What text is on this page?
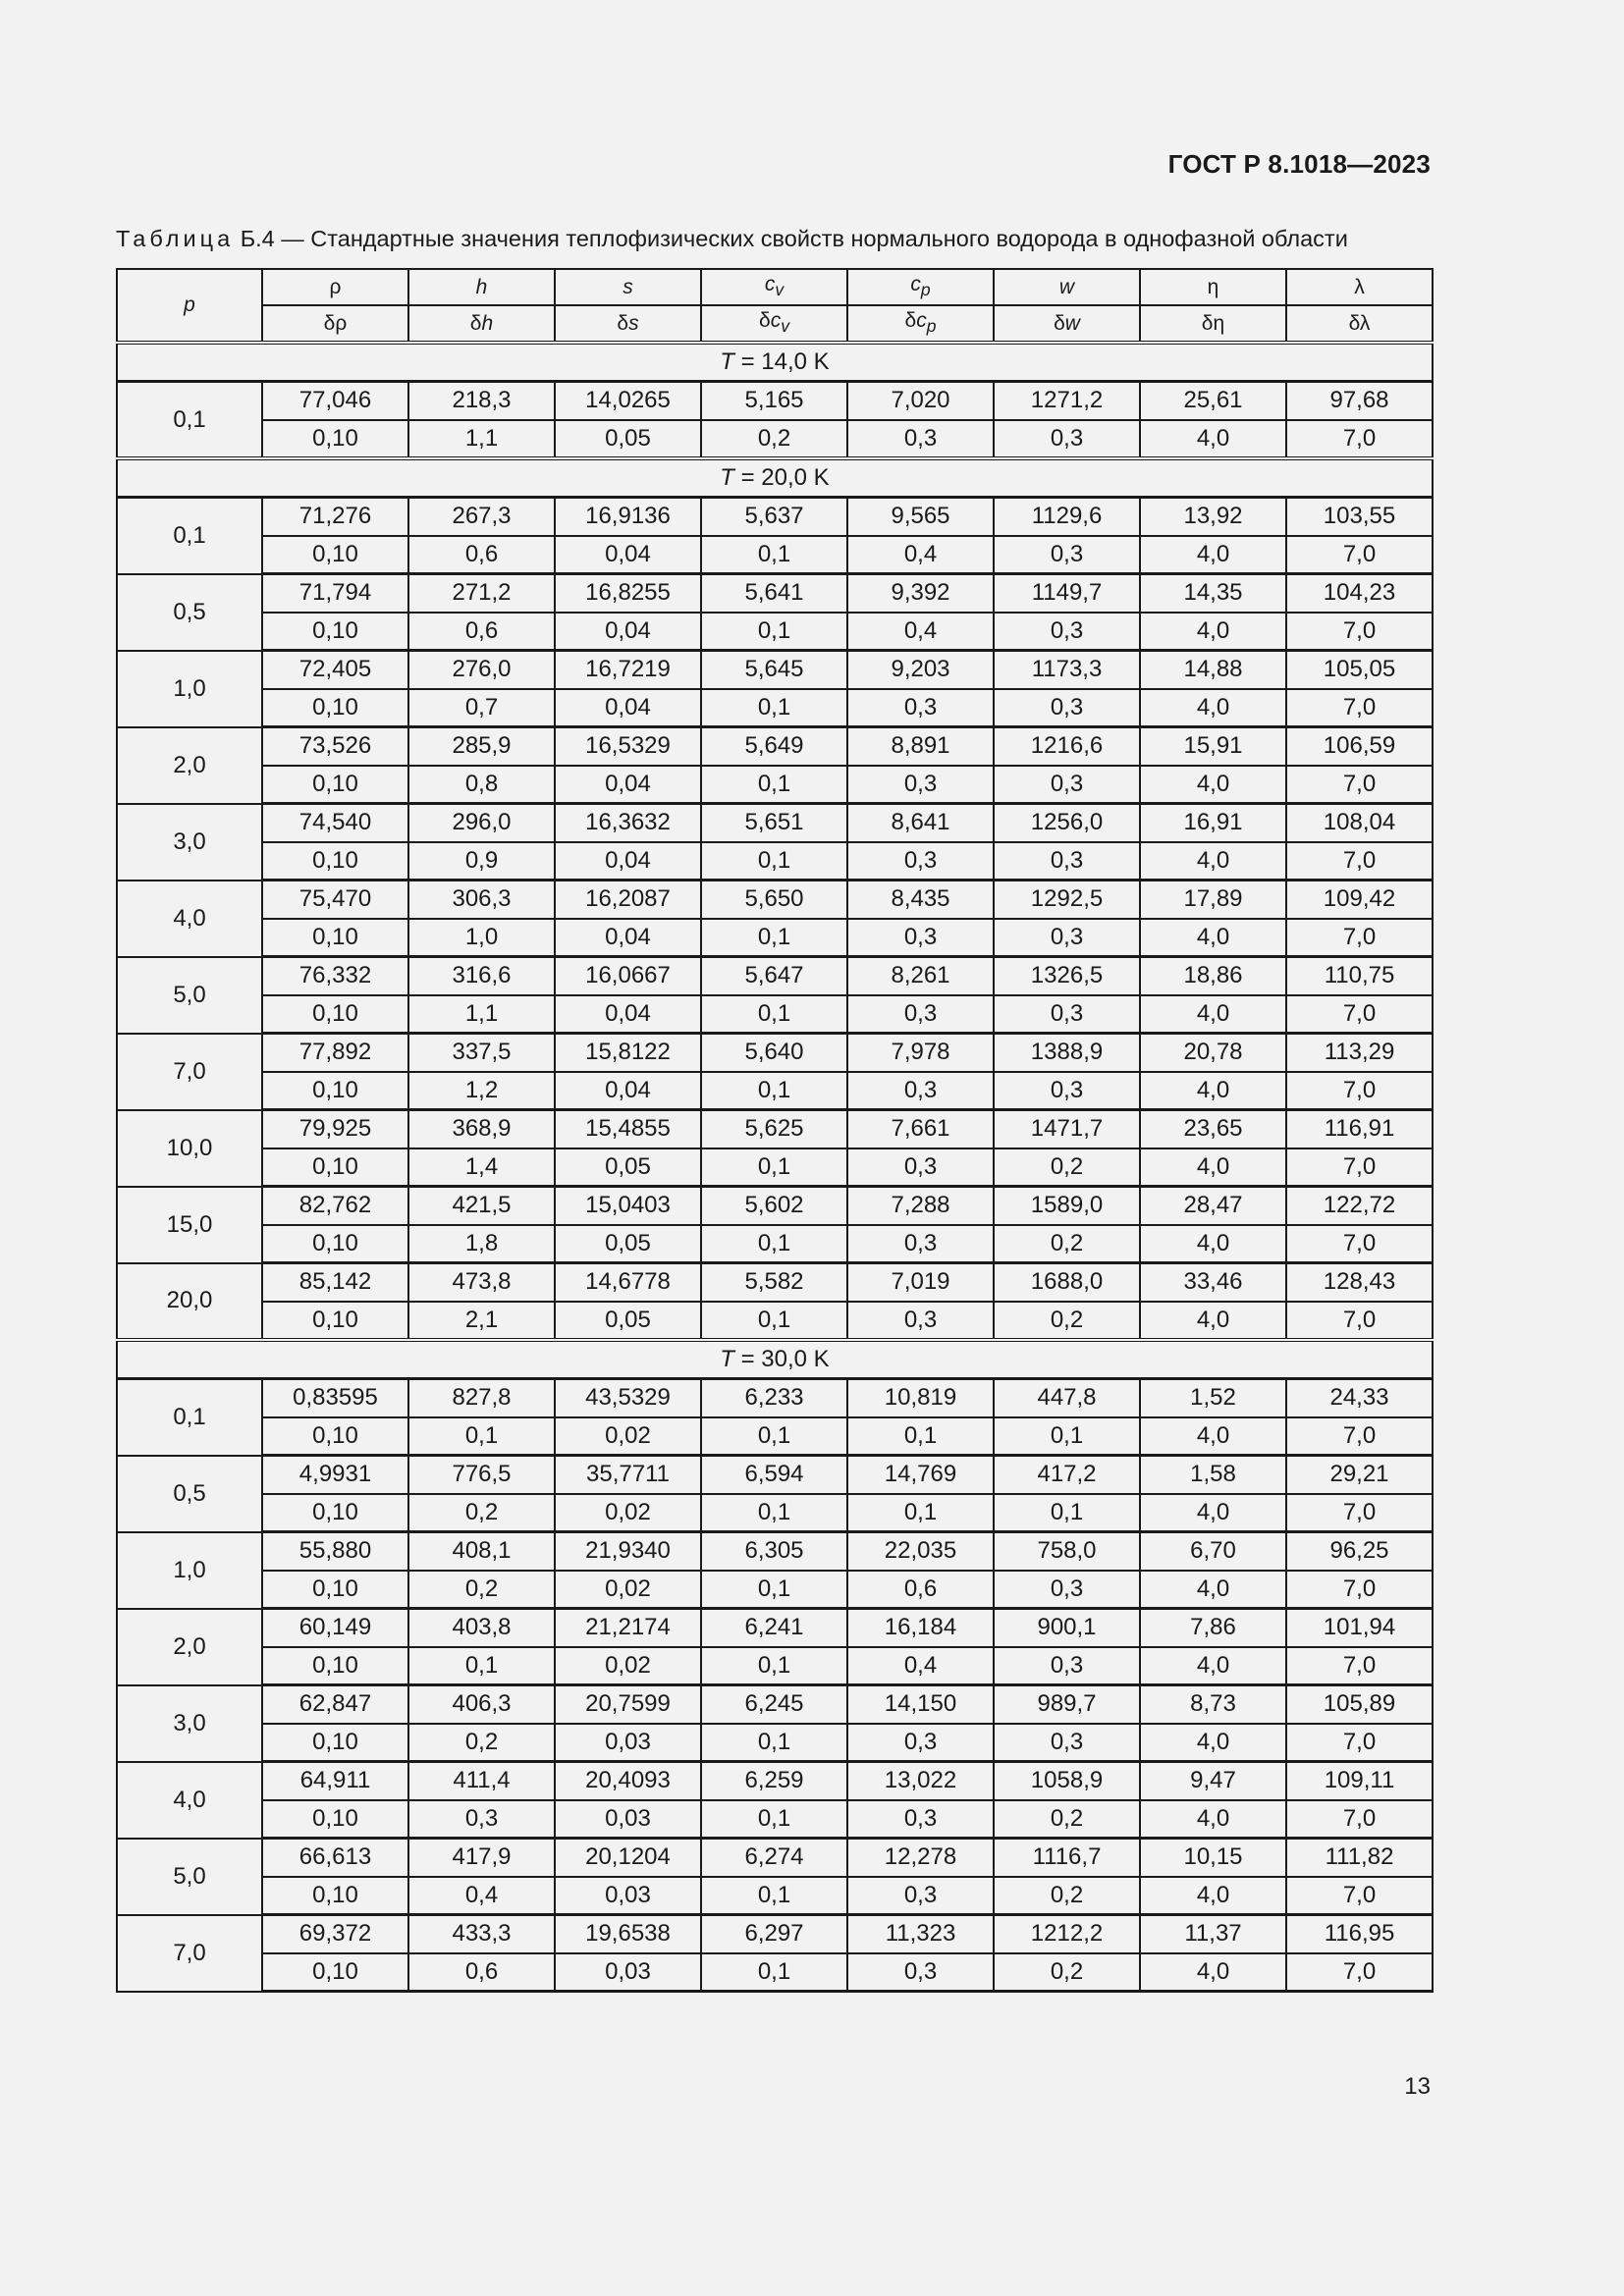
ГОСТ Р 8.1018—2023
Таблица Б.4 — Стандартные значения теплофизических свойств нормального водорода в однофазной области
p	ρ	h	s	$c_v$	$c_p$	w	η	λ
	δρ	δh	δs	$\delta c_v$	$\delta c_p$	δw	δη	δλ
T = 14,0 K								
0,1	77,046	218,3	14,0265	5,165	7,020	1271,2	25,61	97,68
	0,10	1,1	0,05	0,2	0,3	0,3	4,0	7,0
T = 20,0 K								
0,1	71,276	267,3	16,9136	5,637	9,565	1129,6	13,92	103,55
	0,10	0,6	0,04	0,1	0,4	0,3	4,0	7,0
0,5	71,794	271,2	16,8255	5,641	9,392	1149,7	14,35	104,23
	0,10	0,6	0,04	0,1	0,4	0,3	4,0	7,0
1,0	72,405	276,0	16,7219	5,645	9,203	1173,3	14,88	105,05
	0,10	0,7	0,04	0,1	0,3	0,3	4,0	7,0
2,0	73,526	285,9	16,5329	5,649	8,891	1216,6	15,91	106,59
	0,10	0,8	0,04	0,1	0,3	0,3	4,0	7,0
3,0	74,540	296,0	16,3632	5,651	8,641	1256,0	16,91	108,04
	0,10	0,9	0,04	0,1	0,3	0,3	4,0	7,0
4,0	75,470	306,3	16,2087	5,650	8,435	1292,5	17,89	109,42
	0,10	1,0	0,04	0,1	0,3	0,3	4,0	7,0
5,0	76,332	316,6	16,0667	5,647	8,261	1326,5	18,86	110,75
	0,10	1,1	0,04	0,1	0,3	0,3	4,0	7,0
7,0	77,892	337,5	15,8122	5,640	7,978	1388,9	20,78	113,29
	0,10	1,2	0,04	0,1	0,3	0,3	4,0	7,0
10,0	79,925	368,9	15,4855	5,625	7,661	1471,7	23,65	116,91
	0,10	1,4	0,05	0,1	0,3	0,2	4,0	7,0
15,0	82,762	421,5	15,0403	5,602	7,288	1589,0	28,47	122,72
	0,10	1,8	0,05	0,1	0,3	0,2	4,0	7,0
20,0	85,142	473,8	14,6778	5,582	7,019	1688,0	33,46	128,43
	0,10	2,1	0,05	0,1	0,3	0,2	4,0	7,0
T = 30,0 K								
0,1	0,83595	827,8	43,5329	6,233	10,819	447,8	1,52	24,33
	0,10	0,1	0,02	0,1	0,1	0,1	4,0	7,0
0,5	4,9931	776,5	35,7711	6,594	14,769	417,2	1,58	29,21
	0,10	0,2	0,02	0,1	0,1	0,1	4,0	7,0
1,0	55,880	408,1	21,9340	6,305	22,035	758,0	6,70	96,25
	0,10	0,2	0,02	0,1	0,6	0,3	4,0	7,0
2,0	60,149	403,8	21,2174	6,241	16,184	900,1	7,86	101,94
	0,10	0,1	0,02	0,1	0,4	0,3	4,0	7,0
3,0	62,847	406,3	20,7599	6,245	14,150	989,7	8,73	105,89
	0,10	0,2	0,03	0,1	0,3	0,3	4,0	7,0
4,0	64,911	411,4	20,4093	6,259	13,022	1058,9	9,47	109,11
	0,10	0,3	0,03	0,1	0,3	0,2	4,0	7,0
5,0	66,613	417,9	20,1204	6,274	12,278	1116,7	10,15	111,82
	0,10	0,4	0,03	0,1	0,3	0,2	4,0	7,0
7,0	69,372	433,3	19,6538	6,297	11,323	1212,2	11,37	116,95
	0,10	0,6	0,03	0,1	0,3	0,2	4,0	7,0
13
